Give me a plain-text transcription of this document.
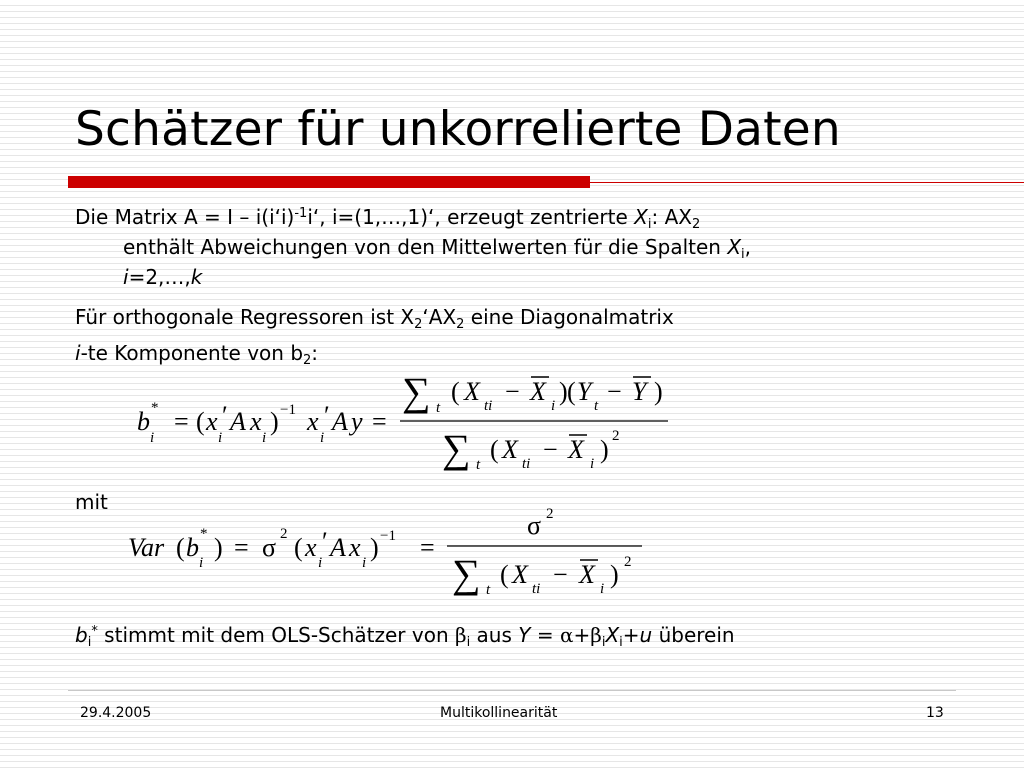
Schätzer für unkorrelierte Daten
Die Matrix A = I – i(i‘i)$^{-1}$i‘, i=(1,…,1)‘, erzeugt zentrierte $X_i$: $AX_2$
enthält Abweichungen von den Mittelwerten für die Spalten $X_i$,
i=2,…,k
Für orthogonale Regressoren ist $X_2‘AX_2$ eine Diagonalmatrix
i-te Komponente von $b_2$:
b
i
* = ( x
i
′ A x
i
) −1 x
i
′ A y =
∑ t
( X ti − X i ) ( Y t − Y )
∑ t
( X ti − X i ) 2
mit
Var ( b
i
* ) = σ 2 ( x
i
′ A x
i
) −1 =
σ 2
∑ t
( X ti − X i ) 2
$b_i^*$ stimmt mit dem OLS-Schätzer von $\beta_i$ aus $Y = \alpha+\beta_iX_i+u$ überein
29.4.2005	Multikollinearität	13
